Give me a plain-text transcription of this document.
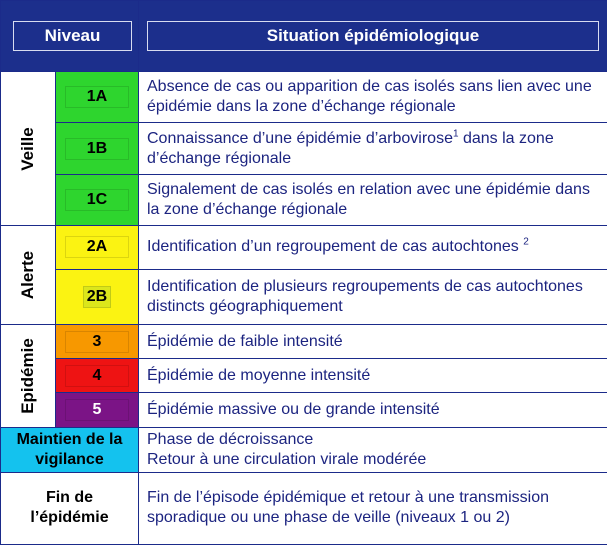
Niveau		Situation épidémiologique

Veille	1A	Absence de cas ou apparition de cas isolés sans lien avec une épidémie dans la zone d’échange régionale
	1B	Connaissance d’une épidémie d’arbovirose$^1$ dans la zone d’échange régionale
	1C	Signalement de cas isolés en relation avec une épidémie dans la zone d’échange régionale

Alerte	2A	Identification d’un regroupement de cas autochtones $^2$
	2B	Identification de plusieurs regroupements de cas autochtones distincts géographiquement

Epidémie	3	Épidémie de faible intensité
	4	Épidémie de moyenne intensité
	5	Épidémie massive ou de grande intensité
Maintien de la vigilance		Phase de décroissance
Retour à une circulation virale modérée

Fin de l’épidémie		Fin de l’épisode épidémique et retour à une transmission sporadique ou une phase de veille (niveaux 1 ou 2)
